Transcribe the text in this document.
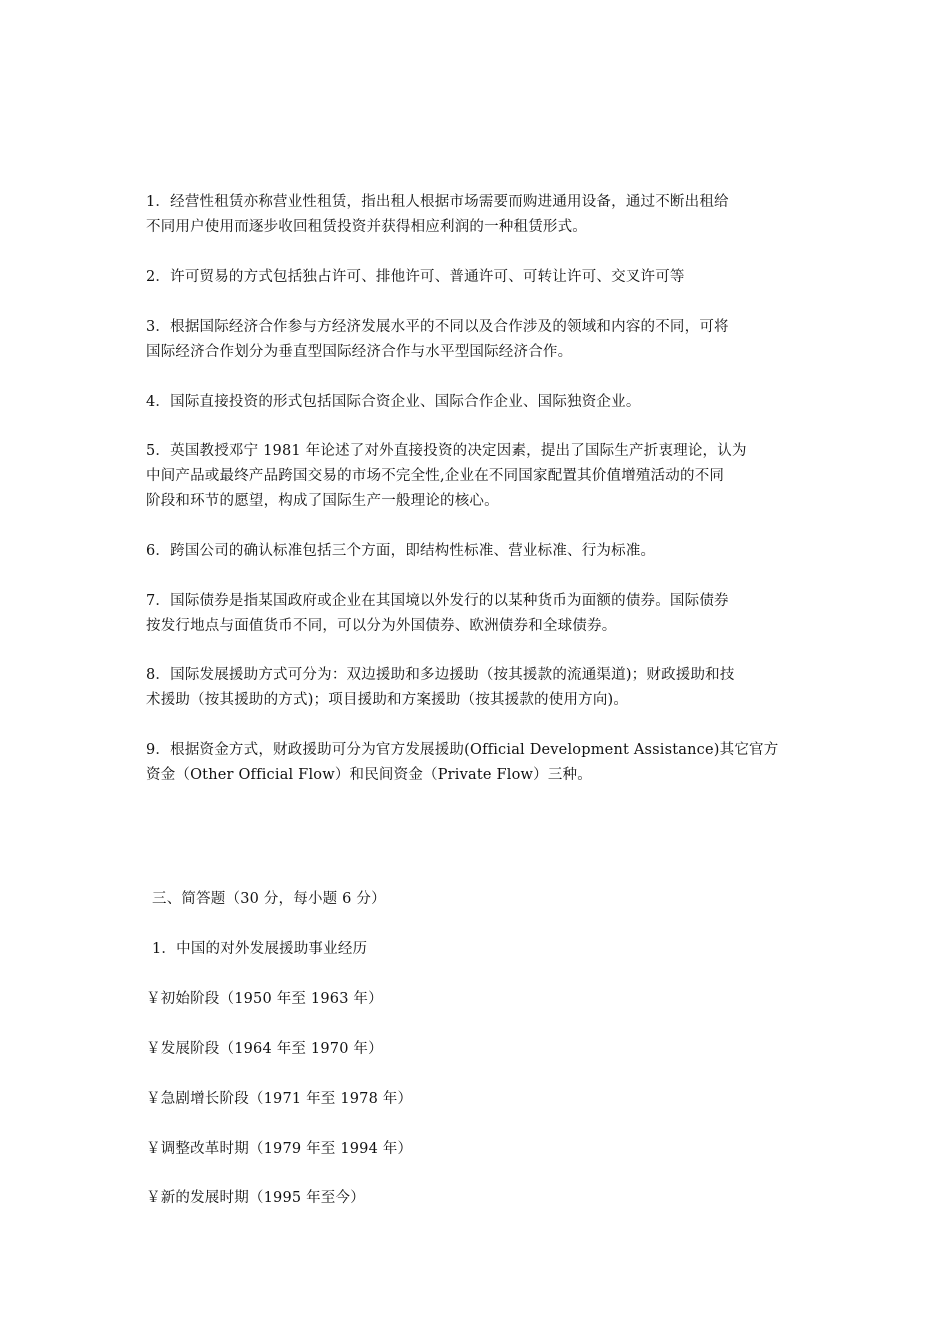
1．经营性租赁亦称营业性租赁，指出租人根据市场需要而购进通用设备，通过不断出租给
不同用户使用而逐步收回租赁投资并获得相应利润的一种租赁形式。
2．许可贸易的方式包括独占许可、排他许可、普通许可、可转让许可、交叉许可等
3．根据国际经济合作参与方经济发展水平的不同以及合作涉及的领域和内容的不同，可将
国际经济合作划分为垂直型国际经济合作与水平型国际经济合作。
4．国际直接投资的形式包括国际合资企业、国际合作企业、国际独资企业。
5．英国教授邓宁 1981 年论述了对外直接投资的决定因素，提出了国际生产折衷理论，认为
中间产品或最终产品跨国交易的市场不完全性,企业在不同国家配置其价值增殖活动的不同
阶段和环节的愿望，构成了国际生产一般理论的核心。
6．跨国公司的确认标准包括三个方面，即结构性标准、营业标准、行为标准。
7．国际债券是指某国政府或企业在其国境以外发行的以某种货币为面额的债券。国际债券
按发行地点与面值货币不同，可以分为外国债券、欧洲债券和全球债券。
8．国际发展援助方式可分为：双边援助和多边援助（按其援款的流通渠道)；财政援助和技
术援助（按其援助的方式)；项目援助和方案援助（按其援款的使用方向)。
9．根据资金方式，财政援助可分为官方发展援助(Official Development Assistance)其它官方
资金（Other Official Flow）和民间资金（Private Flow）三种。
三、简答题（30 分，每小题 6 分）
1．中国的对外发展援助事业经历
￥初始阶段（1950 年至 1963 年）
￥发展阶段（1964 年至 1970 年）
￥急剧增长阶段（1971 年至 1978 年）
￥调整改革时期（1979 年至 1994 年）
￥新的发展时期（1995 年至今）
